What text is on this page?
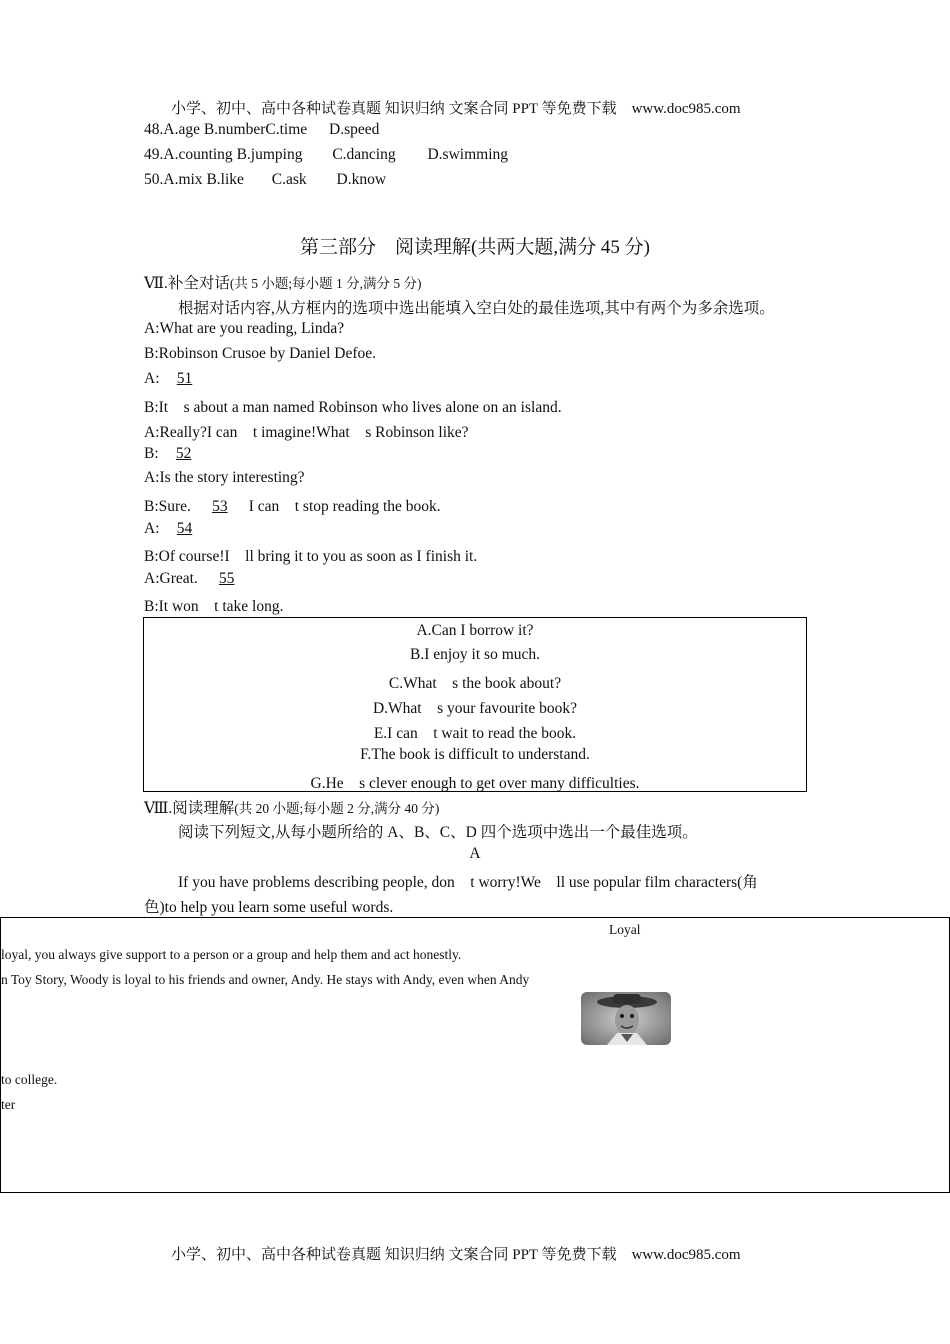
小学、初中、高中各种试卷真题 知识归纳 文案合同 PPT 等免费下载　www.doc985.com
48.A.age B.numberC.time D.speed
49.A.counting B.jumping C.dancing D.swimming
50.A.mix B.like C.ask D.know
第三部分　阅读理解(共两大题,满分 45 分)
Ⅶ.补全对话(共 5 小题;每小题 1 分,满分 5 分)
根据对话内容,从方框内的选项中选出能填入空白处的最佳选项,其中有两个为多余选项。
A:What are you reading, Linda?
B:Robinson Crusoe by Daniel Defoe.
A: 51
B:It　s about a man named Robinson who lives alone on an island.
A:Really?I can　t imagine!What　s Robinson like?
B: 52
A:Is the story interesting?
B:Sure. 53 I can　t stop reading the book.
A: 54
B:Of course!I　ll bring it to you as soon as I finish it.
A:Great. 55
B:It won　t take long.
A.Can I borrow it?
B.I enjoy it so much.
C.What　s the book about?
D.What　s your favourite book?
E.I can　t wait to read the book.
F.The book is difficult to understand.
G.He　s clever enough to get over many difficulties.
Ⅷ.阅读理解(共 20 小题;每小题 2 分,满分 40 分)
阅读下列短文,从每小题所给的 A、B、C、D 四个选项中选出一个最佳选项。
A
If you have problems describing people, don　t worry!We　ll use popular film characters(角
色)to help you learn some useful words.
Loyal
loyal, you always give support to a person or a group and help them and act honestly.
n Toy Story, Woody is loyal to his friends and owner, Andy. He stays with Andy, even when Andy
to college.
ter
小学、初中、高中各种试卷真题 知识归纳 文案合同 PPT 等免费下载　www.doc985.com
